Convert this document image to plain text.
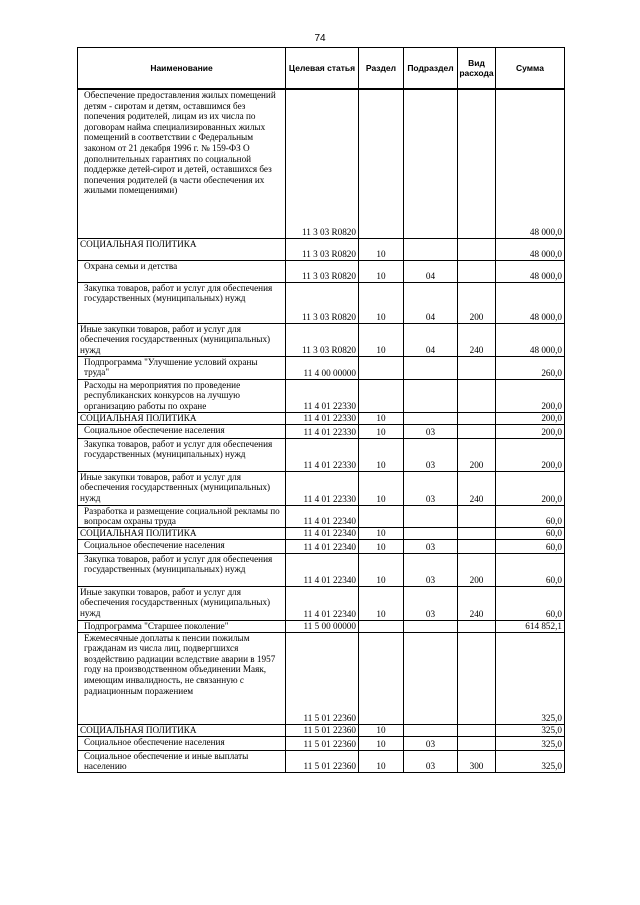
74
Наименование	Целевая статья	Раздел	Подраздел	Вид расхода	Сумма
Обеспечение предоставления жилых помещений детям - сиротам и детям, оставшимся без попечения родителей, лицам из их числа по договорам найма специализированных жилых помещений в соответствии с Федеральным законом от 21 декабря 1996 г. № 159-ФЗ О дополнительных гарантиях по социальной поддержке детей-сирот и детей, оставшихся без попечения родителей (в части обеспечения их жилыми помещениями)	11 3 03 R0820				48 000,0
СОЦИАЛЬНАЯ ПОЛИТИКА	11 3 03 R0820	10			48 000,0
Охрана семьи и детства	11 3 03 R0820	10	04		48 000,0
Закупка товаров, работ и услуг для обеспечения государственных (муниципальных) нужд	11 3 03 R0820	10	04	200	48 000,0
Иные закупки товаров, работ и услуг для обеспечения государственных (муниципальных) нужд	11 3 03 R0820	10	04	240	48 000,0
Подпрограмма "Улучшение условий охраны труда"	11 4 00 00000				260,0
Расходы на мероприятия по проведение республиканских конкурсов на лучшую организацию работы по охране	11 4 01 22330				200,0
СОЦИАЛЬНАЯ ПОЛИТИКА	11 4 01 22330	10			200,0
Социальное обеспечение населения	11 4 01 22330	10	03		200,0
Закупка товаров, работ и услуг для обеспечения государственных (муниципальных) нужд	11 4 01 22330	10	03	200	200,0
Иные закупки товаров, работ и услуг для обеспечения государственных (муниципальных) нужд	11 4 01 22330	10	03	240	200,0
Разработка и размещение социальной рекламы по вопросам охраны труда	11 4 01 22340				60,0
СОЦИАЛЬНАЯ ПОЛИТИКА	11 4 01 22340	10			60,0
Социальное обеспечение населения	11 4 01 22340	10	03		60,0
Закупка товаров, работ и услуг для обеспечения государственных (муниципальных) нужд	11 4 01 22340	10	03	200	60,0
Иные закупки товаров, работ и услуг для обеспечения государственных (муниципальных) нужд	11 4 01 22340	10	03	240	60,0
Подпрограмма "Старшее поколение"	11 5 00 00000				614 852,1
Ежемесячные доплаты к пенсии пожилым гражданам из числа лиц, подвергшихся воздействию радиации вследствие аварии в 1957 году на производственном объединении Маяк, имеющим инвалидность, не связанную с радиационным поражением	11 5 01 22360				325,0
СОЦИАЛЬНАЯ ПОЛИТИКА	11 5 01 22360	10			325,0
Социальное обеспечение населения	11 5 01 22360	10	03		325,0
Социальное обеспечение и иные выплаты населению	11 5 01 22360	10	03	300	325,0
